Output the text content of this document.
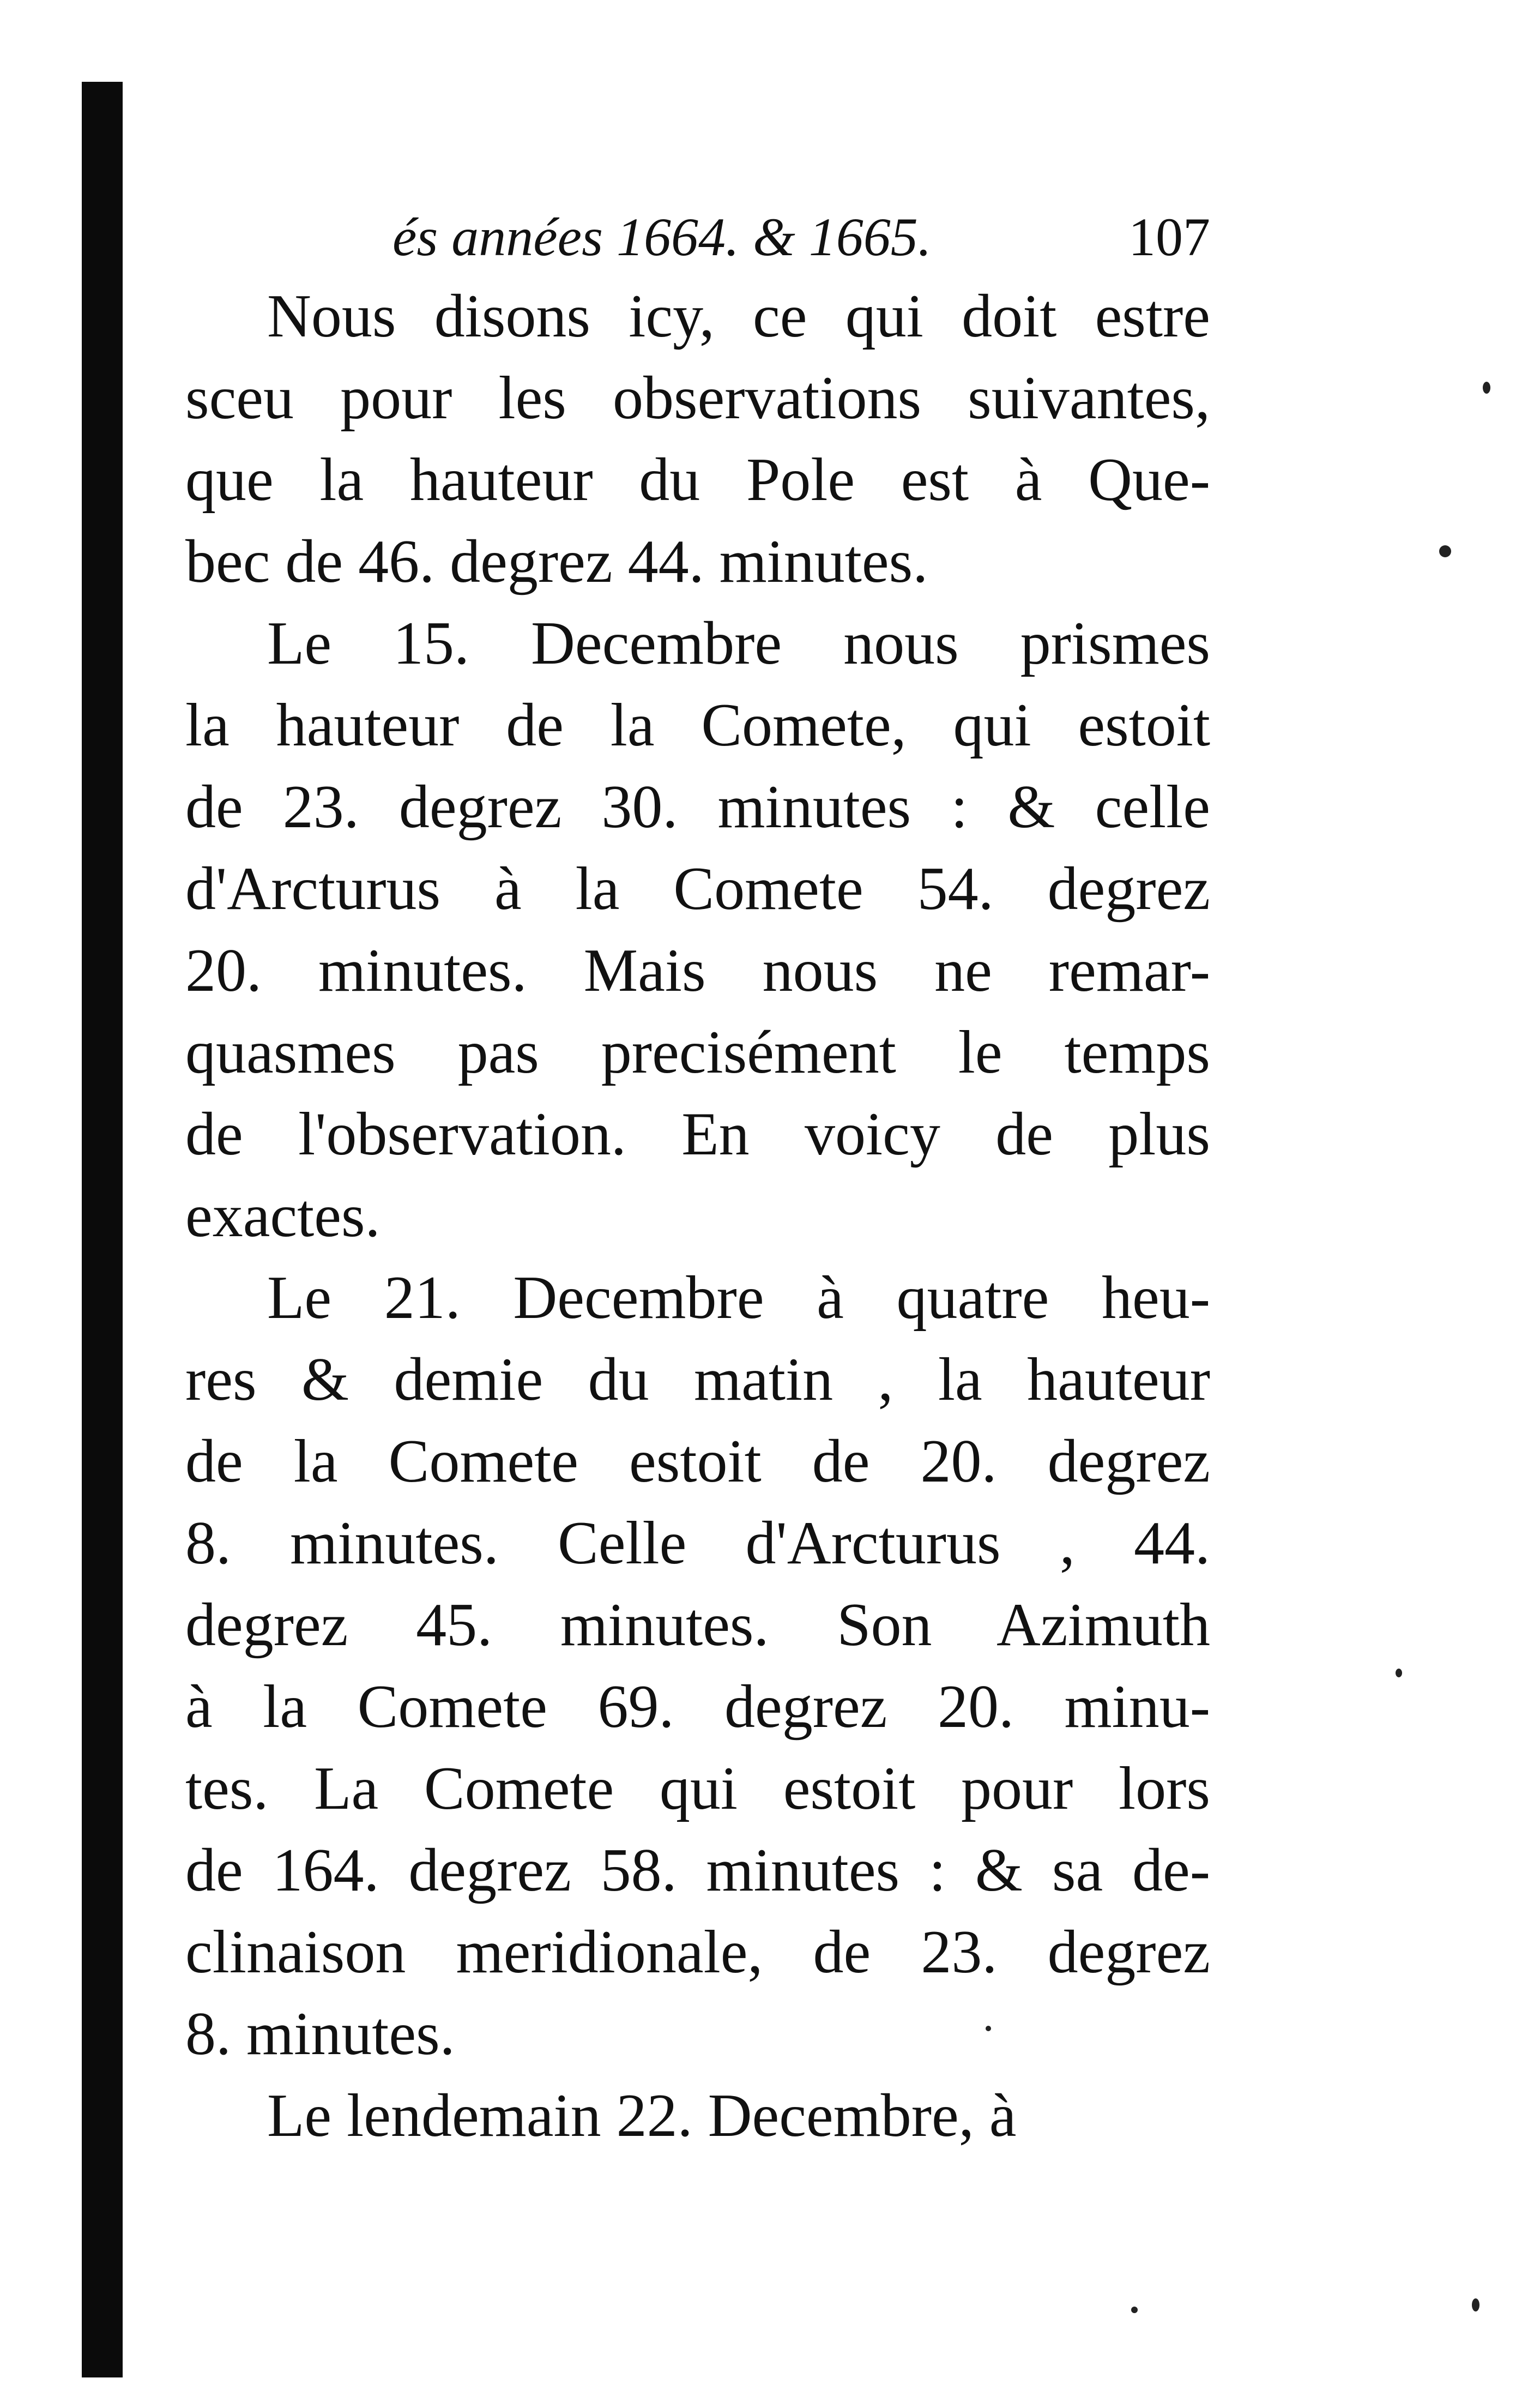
és années 1664. & 1665.	107
Nous disons icy, ce qui doit estre
sceu pour les observations suivantes,
que la hauteur du Pole est à Que-
bec de 46. degrez 44. minutes.
Le 15. Decembre nous prismes
la hauteur de la Comete, qui estoit
de 23. degrez 30. minutes : & celle
d'Arcturus à la Comete 54. degrez
20. minutes. Mais nous ne remar-
quasmes pas precisément le temps
de l'observation. En voicy de plus
exactes.
Le 21. Decembre à quatre heu-
res & demie du matin , la hauteur
de la Comete estoit de 20. degrez
8. minutes. Celle d'Arcturus , 44.
degrez 45. minutes. Son Azimuth
à la Comete 69. degrez 20. minu-
tes. La Comete qui estoit pour lors
de 164. degrez 58. minutes : & sa de-
clinaison meridionale, de 23. degrez
8. minutes.
Le lendemain 22. Decembre, à
